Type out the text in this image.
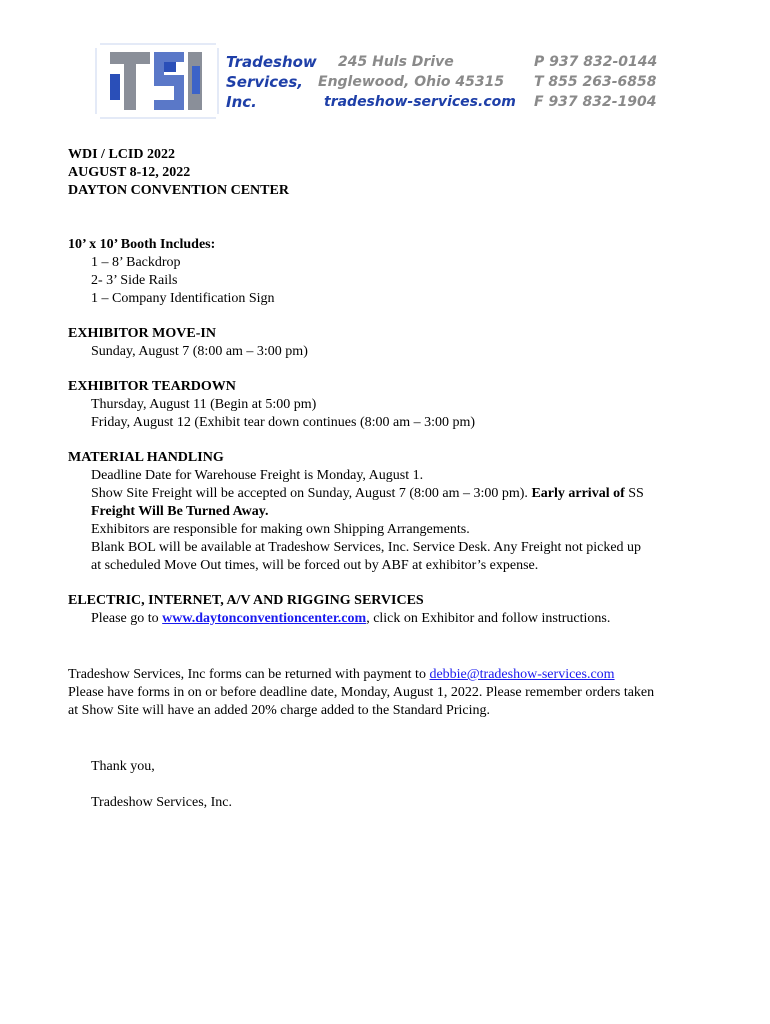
Tradeshow
Services,
Inc.
245 Huls Drive
Englewood, Ohio 45315
tradeshow-services.com
P 937 832-0144
T 855 263-6858
F 937 832-1904
WDI / LCID 2022
AUGUST 8-12, 2022
DAYTON CONVENTION CENTER
10’ x 10’ Booth Includes:
1 – 8’ Backdrop
2- 3’ Side Rails
1 – Company Identification Sign
EXHIBITOR MOVE-IN
Sunday, August 7 (8:00 am – 3:00 pm)
EXHIBITOR TEARDOWN
Thursday, August 11 (Begin at 5:00 pm)
Friday, August 12 (Exhibit tear down continues (8:00 am – 3:00 pm)
MATERIAL HANDLING
Deadline Date for Warehouse Freight is Monday, August 1.
Show Site Freight will be accepted on Sunday, August 7 (8:00 am – 3:00 pm). Early arrival of SS
Freight Will Be Turned Away.
Exhibitors are responsible for making own Shipping Arrangements.
Blank BOL will be available at Tradeshow Services, Inc. Service Desk. Any Freight not picked up
at scheduled Move Out times, will be forced out by ABF at exhibitor’s expense.
ELECTRIC, INTERNET, A/V AND RIGGING SERVICES
Please go to www.daytonconventioncenter.com, click on Exhibitor and follow instructions.
Tradeshow Services, Inc forms can be returned with payment to debbie@tradeshow-services.com
Please have forms in on or before deadline date, Monday, August 1, 2022. Please remember orders taken
at Show Site will have an added 20% charge added to the Standard Pricing.
Thank you,
Tradeshow Services, Inc.
